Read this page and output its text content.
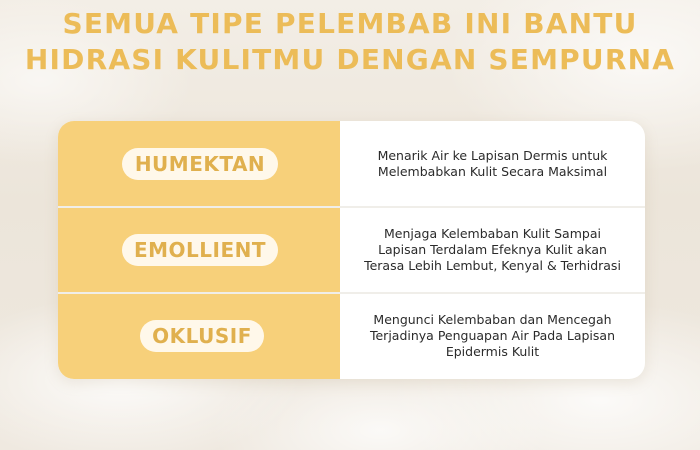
SEMUA TIPE PELEMBAB INI BANTU
HIDRASI KULITMU DENGAN SEMPURNA
HUMEKTAN	Menarik Air ke Lapisan Dermis untuk Melembabkan Kulit Secara Maksimal
EMOLLIENT
Menjaga Kelembaban Kulit Sampai Lapisan Terdalam Efeknya Kulit akan Terasa Lebih Lembut, Kenyal & Terhidrasi
OKLUSIF
Mengunci Kelembaban dan Mencegah Terjadinya Penguapan Air Pada Lapisan Epidermis Kulit
